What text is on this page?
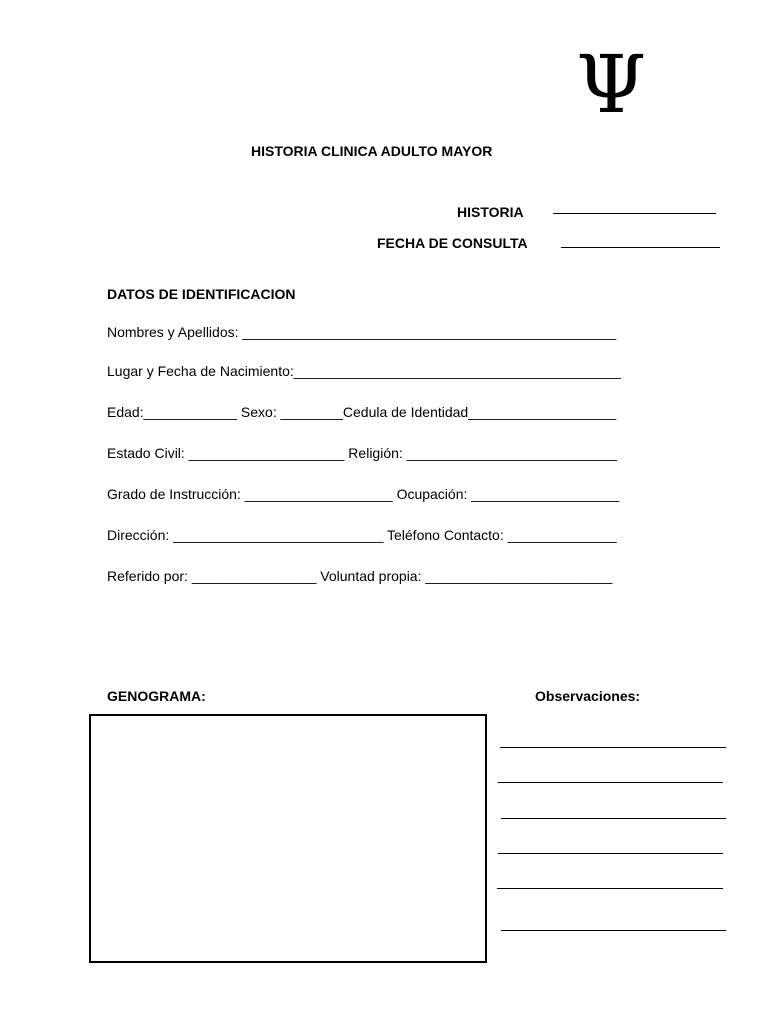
Ψ
HISTORIA CLINICA ADULTO MAYOR
HISTORIA
FECHA DE CONSULTA
DATOS DE IDENTIFICACION
Nombres y Apellidos: ________________________________________________
Lugar y Fecha de Nacimiento:__________________________________________
Edad:____________ Sexo: ________Cedula de Identidad___________________
Estado Civil: ____________________ Religión: ___________________________
Grado de Instrucción: ___________________ Ocupación: ___________________
Dirección: ___________________________ Teléfono Contacto: ______________
Referido por: ________________ Voluntad propia: ________________________
GENOGRAMA:	Observaciones:
